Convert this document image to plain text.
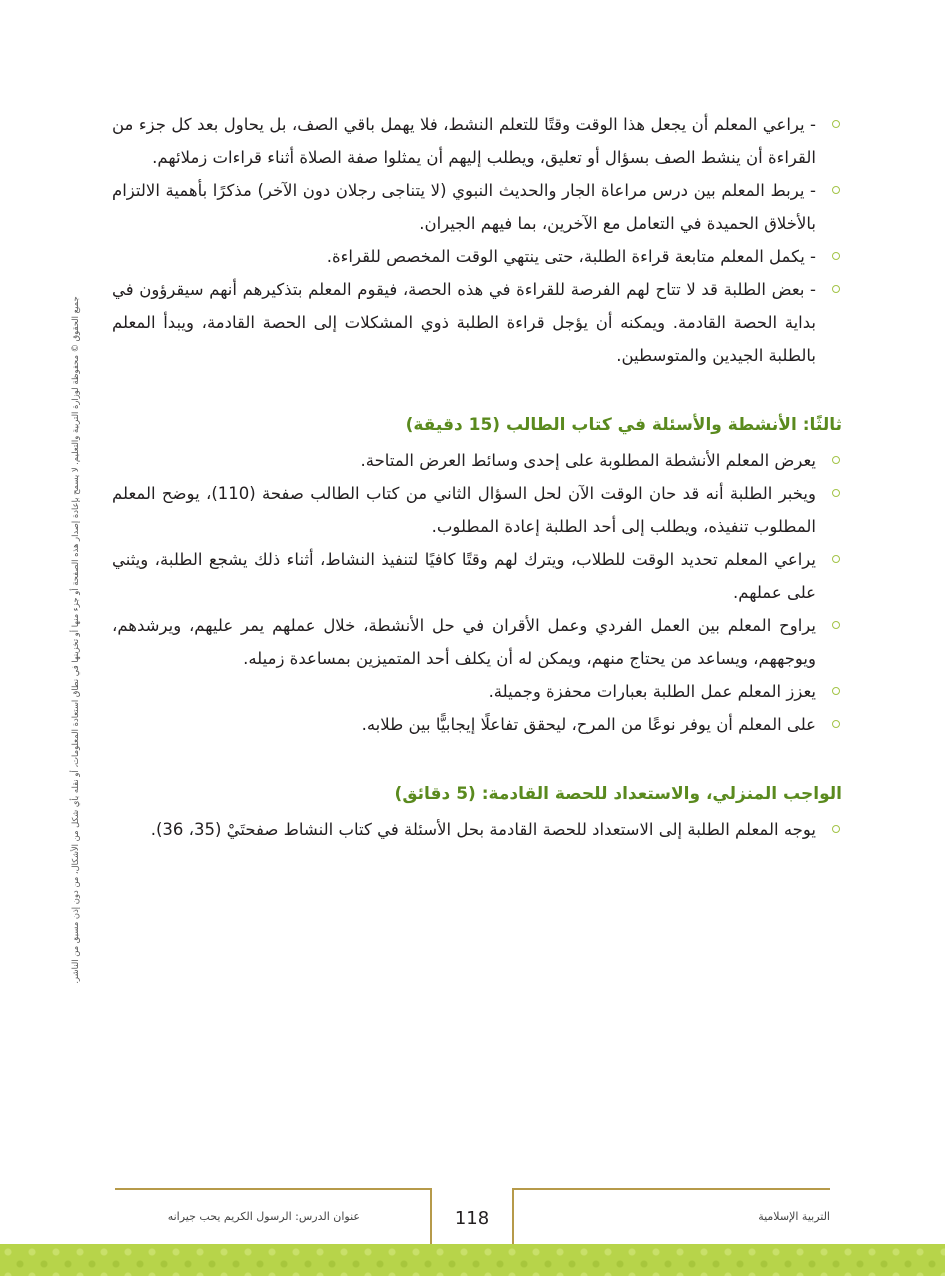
- يراعي المعلم أن يجعل هذا الوقت وقتًا للتعلم النشط، فلا يهمل باقي الصف، بل يحاول بعد كل جزء من القراءة أن ينشط الصف بسؤال أو تعليق، ويطلب إليهم أن يمثلوا صفة الصلاة أثناء قراءات زملائهم.

- يربط المعلم بين درس مراعاة الجار والحديث النبوي (لا يتناجى رجلان دون الآخر) مذكرًا بأهمية الالتزام بالأخلاق الحميدة في التعامل مع الآخرين، بما فيهم الجيران.

- يكمل المعلم متابعة قراءة الطلبة، حتى ينتهي الوقت المخصص للقراءة.

- بعض الطلبة قد لا تتاح لهم الفرصة للقراءة في هذه الحصة، فيقوم المعلم بتذكيرهم أنهم سيقرؤون في بداية الحصة القادمة. ويمكنه أن يؤجل قراءة الطلبة ذوي المشكلات إلى الحصة القادمة، ويبدأ المعلم بالطلبة الجيدين والمتوسطين.

ثالثًا: الأنشطة والأسئلة في كتاب الطالب (15 دقيقة)

يعرض المعلم الأنشطة المطلوبة على إحدى وسائط العرض المتاحة.

ويخبر الطلبة أنه قد حان الوقت الآن لحل السؤال الثاني من كتاب الطالب صفحة (110)، يوضح المعلم المطلوب تنفيذه، ويطلب إلى أحد الطلبة إعادة المطلوب.

يراعي المعلم تحديد الوقت للطلاب، ويترك لهم وقتًا كافيًا لتنفيذ النشاط، أثناء ذلك يشجع الطلبة، ويثني على عملهم.

يراوح المعلم بين العمل الفردي وعمل الأقران في حل الأنشطة، خلال عملهم يمر عليهم، ويرشدهم، ويوجههم، ويساعد من يحتاج منهم، ويمكن له أن يكلف أحد المتميزين بمساعدة زميله.

يعزز المعلم عمل الطلبة بعبارات محفزة وجميلة.

على المعلم أن يوفر نوعًا من المرح، ليحقق تفاعلًا إيجابيًّا بين طلابه.

الواجب المنزلي، والاستعداد للحصة القادمة: (5 دقائق)

يوجه المعلم الطلبة إلى الاستعداد للحصة القادمة بحل الأسئلة في كتاب النشاط صفحتَيْ (35، 36).

جميع الحقوق © محفوظة لوزارة التربية والتعليم. لا يسمح بإعادة إصدار هذه الصفحة أو جزء منها أو تخزينها في نطاق استعادة المعلومات، أو نقله بأي شكل من الأشكال، من دون إذن مسبق من الناشر.
118
عنوان الدرس: الرسول الكريم يحب جيرانه	التربية الإسلامية
